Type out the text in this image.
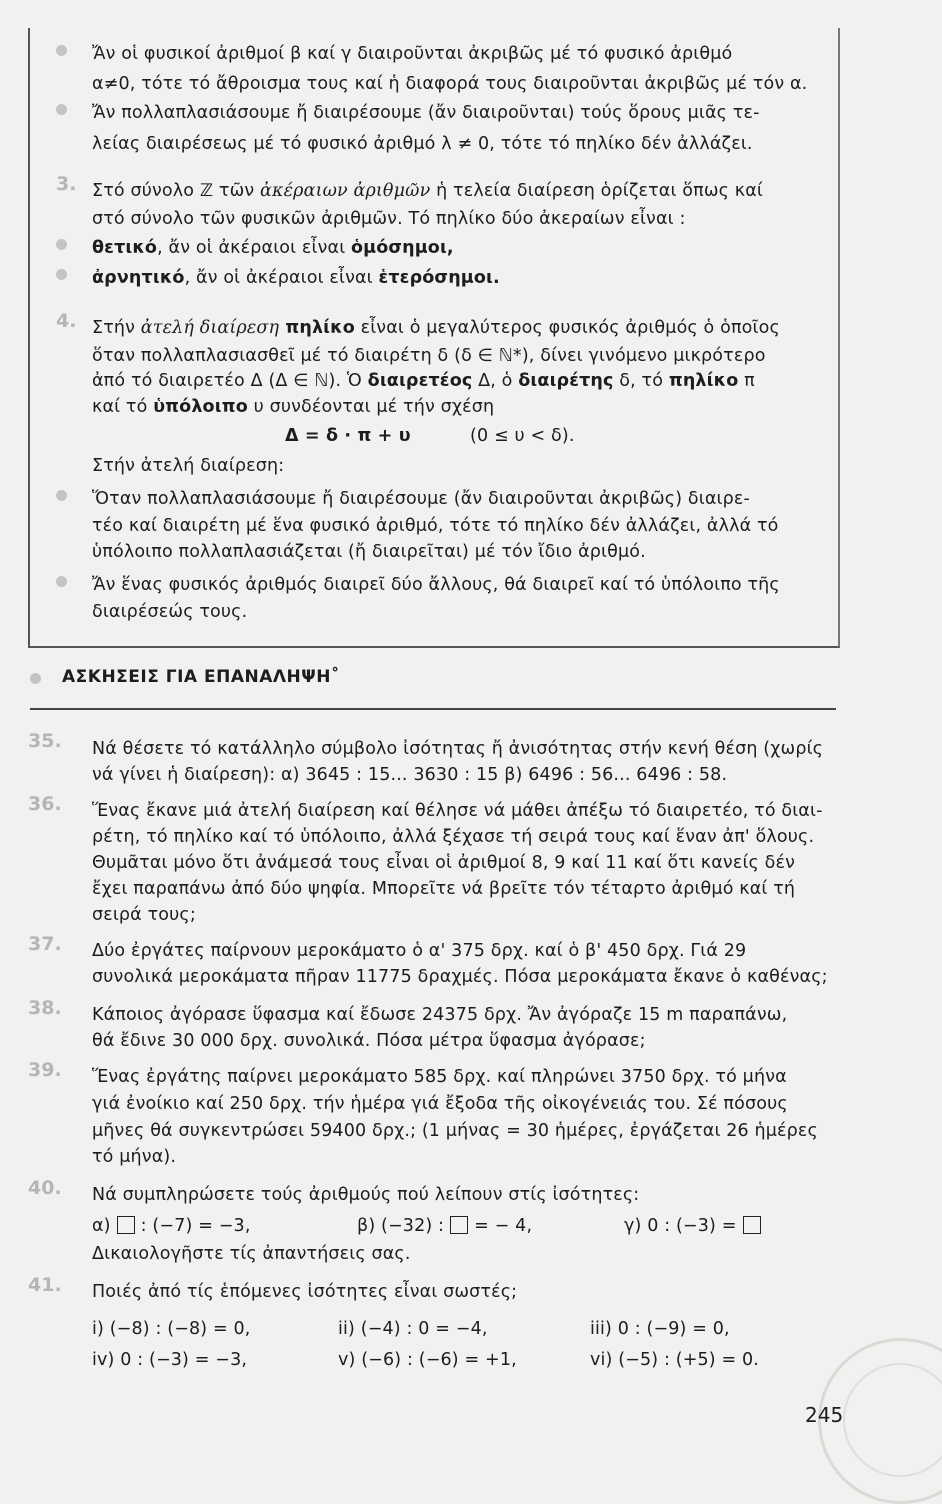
Ἄν οἱ φυσικοί ἀριθμοί β καί γ διαιροῦνται ἀκριβῶς μέ τό φυσικό ἀριθμό
α≠0, τότε τό ἄθροισμα τους καί ἡ διαφορά τους διαιροῦνται ἀκριβῶς μέ τόν α.
Ἄν πολλαπλασιάσουμε ἤ διαιρέσουμε (ἄν διαιροῦνται) τούς ὅρους μιᾶς τε-
λείας διαιρέσεως μέ τό φυσικό ἀριθμό λ ≠ 0, τότε τό πηλίκο δέν ἀλλάζει.
3. Στό σύνολο ℤ τῶν ἀκέραιων ἀριθμῶν ἡ τελεία διαίρεση ὁρίζεται ὅπως καί
στό σύνολο τῶν φυσικῶν ἀριθμῶν. Τό πηλίκο δύο ἀκεραίων εἶναι :
θετικό, ἄν οἱ ἀκέραιοι εἶναι ὁμόσημοι,
ἀρνητικό, ἄν οἱ ἀκέραιοι εἶναι ἑτερόσημοι.
4. Στήν ἀτελή διαίρεση πηλίκο εἶναι ὁ μεγαλύτερος φυσικός ἀριθμός ὁ ὁποῖος
ὅταν πολλαπλασιασθεῖ μέ τό διαιρέτη δ (δ ∈ ℕ*), δίνει γινόμενο μικρότερο
ἀπό τό διαιρετέο Δ (Δ ∈ ℕ). Ὁ διαιρετέος Δ, ὁ διαιρέτης δ, τό πηλίκο π
καί τό ὑπόλοιπο υ συνδέονται μέ τήν σχέση
Δ = δ · π + υ	(0 ≤ υ < δ).
Στήν ἀτελή διαίρεση:
Ὅταν πολλαπλασιάσουμε ἤ διαιρέσουμε (ἄν διαιροῦνται ἀκριβῶς) διαιρε-
τέο καί διαιρέτη μέ ἕνα φυσικό ἀριθμό, τότε τό πηλίκο δέν ἀλλάζει, ἀλλά τό
ὑπόλοιπο πολλαπλασιάζεται (ἤ διαιρεῖται) μέ τόν ἴδιο ἀριθμό.
Ἄν ἕνας φυσικός ἀριθμός διαιρεῖ δύο ἄλλους, θά διαιρεῖ καί τό ὑπόλοιπο τῆς
διαιρέσεώς τους.
ΑΣΚΗΣΕΙΣ ΓΙΑ ΕΠΑΝΑΛΗΨΗ˚
35. Νά θέσετε τό κατάλληλο σύμβολο ἰσότητας ἤ ἀνισότητας στήν κενή θέση (χωρίς
νά γίνει ἡ διαίρεση): α) 3645 : 15... 3630 : 15 β) 6496 : 56... 6496 : 58.
36. Ἕνας ἔκανε μιά ἀτελή διαίρεση καί θέλησε νά μάθει ἀπέξω τό διαιρετέο, τό διαι-
ρέτη, τό πηλίκο καί τό ὑπόλοιπο, ἀλλά ξέχασε τή σειρά τους καί ἕναν ἀπ' ὅλους.
Θυμᾶται μόνο ὅτι ἀνάμεσά τους εἶναι οἱ ἀριθμοί 8, 9 καί 11 καί ὅτι κανείς δέν
ἔχει παραπάνω ἀπό δύο ψηφία. Μπορεῖτε νά βρεῖτε τόν τέταρτο ἀριθμό καί τή
σειρά τους;
37. Δύο ἐργάτες παίρνουν μεροκάματο ὁ α' 375 δρχ. καί ὁ β' 450 δρχ. Γιά 29
συνολικά μεροκάματα πῆραν 11775 δραχμές. Πόσα μεροκάματα ἔκανε ὁ καθένας;
38. Κάποιος ἀγόρασε ὕφασμα καί ἔδωσε 24375 δρχ. Ἄν ἀγόραζε 15 m παραπάνω,
θά ἔδινε 30 000 δρχ. συνολικά. Πόσα μέτρα ὕφασμα ἀγόρασε;
39. Ἕνας ἐργάτης παίρνει μεροκάματο 585 δρχ. καί πληρώνει 3750 δρχ. τό μήνα
γιά ἐνοίκιο καί 250 δρχ. τήν ἡμέρα γιά ἔξοδα τῆς οἰκογένειάς του. Σέ πόσους
μῆνες θά συγκεντρώσει 59400 δρχ.; (1 μήνας = 30 ἡμέρες, ἐργάζεται 26 ἡμέρες
τό μήνα).
40. Νά συμπληρώσετε τούς ἀριθμούς πού λείπουν στίς ἰσότητες:
α) : (−7) = −3,	β) (−32) : = − 4,	γ) 0 : (−3) =
Δικαιολογῆστε τίς ἀπαντήσεις σας.
41. Ποιές ἀπό τίς ἑπόμενες ἰσότητες εἶναι σωστές;
i) (−8) : (−8) = 0,	ii) (−4) : 0 = −4,	iii) 0 : (−9) = 0,
iv) 0 : (−3) = −3,	v) (−6) : (−6) = +1,	vi) (−5) : (+5) = 0.
245
